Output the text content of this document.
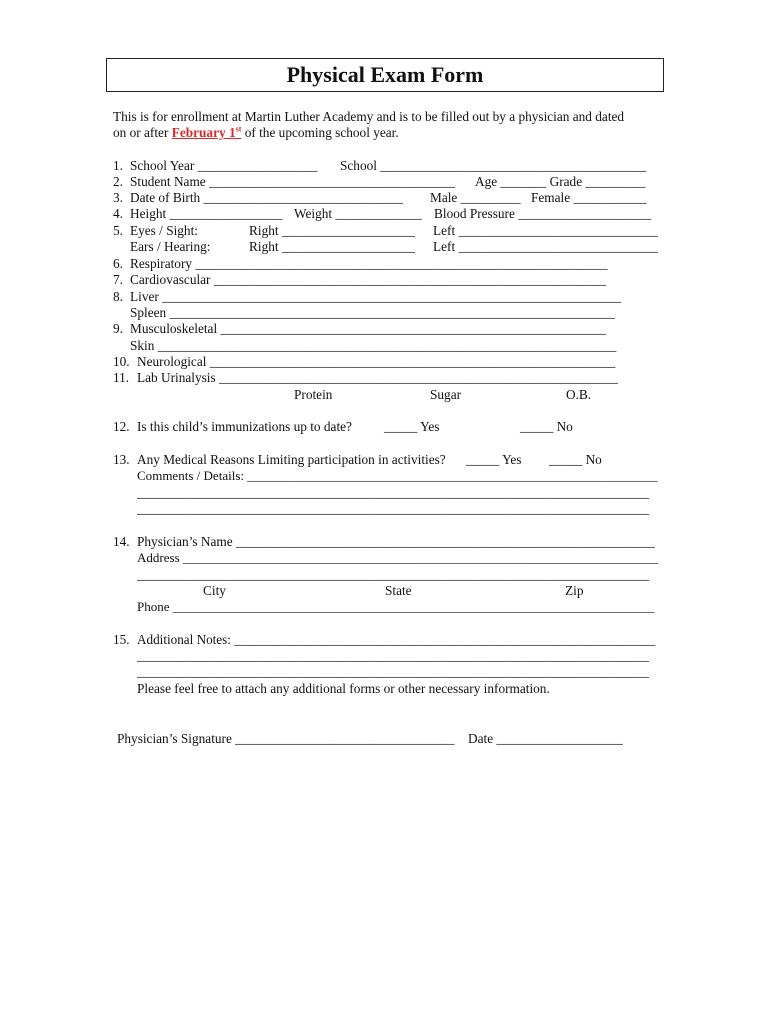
Physical Exam Form
This is for enrollment at Martin Luther Academy and is to be filled out by a physician and dated
on or after February 1st of the upcoming school year.
1. School Year __________________ School ________________________________________
2. Student Name _____________________________________ Age _____ __ Grade _________
3. Date of Birth ______________________________ Male _________ Female ___________
4. Height _________________ Weight _____________ Blood Pressure ____________________
5. Eyes / Sight:	Right ____________________ Left ______________________________
Ears / Hearing:	Right ____________________ Left ______________________________
6. Respiratory ______________________________________________________________
7. Cardiovascular ___________________________________________________________
8. Liver _____________________________________________________________________
Spleen ___________________________________________________________________
9. Musculoskeletal __________________________________________________________
Skin _____________________________________________________________________
10. Neurological _____________________________________________________________
11. Lab Urinalysis ____________________________________________________________
Protein	Sugar	O.B.
12. Is this child’s immunizations up to date? _____ Yes	_____ No
13. Any Medical Reasons Limiting participation in activities? _____ Yes _____ No
Comments / Details: _______________________________________________________________
_____________________________________________________________________________
_____________________________________________________________________________
14. Physician’s Name _______________________________________________________________
Address _________________________________________________________________________
_____________________________________________________________________________
City	State	Zip
Phone __________________________________________________________________________
15. Additional Notes: ________________________________________________________________
_____________________________________________________________________________
_____________________________________________________________________________
Please feel free to attach any additional forms or other necessary information.
Physician’s Signature _________________________________ Date ___________________
